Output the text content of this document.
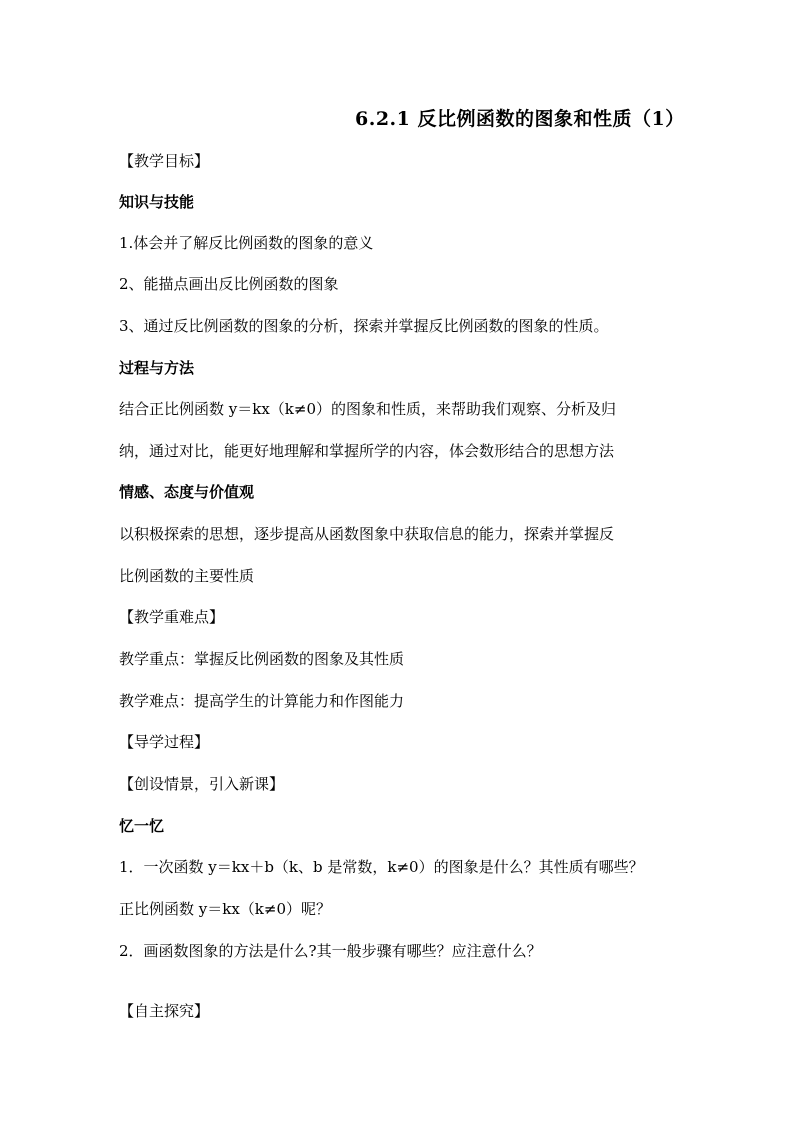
6.2.1 反比例函数的图象和性质（1）
【教学目标】
知识与技能
1.体会并了解反比例函数的图象的意义
2、能描点画出反比例函数的图象
3、通过反比例函数的图象的分析，探索并掌握反比例函数的图象的性质。
过程与方法
结合正比例函数 y＝kx（k≠0）的图象和性质，来帮助我们观察、分析及归
纳，通过对比，能更好地理解和掌握所学的内容，体会数形结合的思想方法
情感、态度与价值观
以积极探索的思想，逐步提高从函数图象中获取信息的能力，探索并掌握反
比例函数的主要性质
【教学重难点】
教学重点：掌握反比例函数的图象及其性质
教学难点：提高学生的计算能力和作图能力
【导学过程】
【创设情景，引入新课】
忆一忆
1．一次函数 y＝kx＋b（k、b 是常数，k≠0）的图象是什么？其性质有哪些？
正比例函数 y＝kx（k≠0）呢？
2．画函数图象的方法是什么?其一般步骤有哪些？应注意什么？
【自主探究】
